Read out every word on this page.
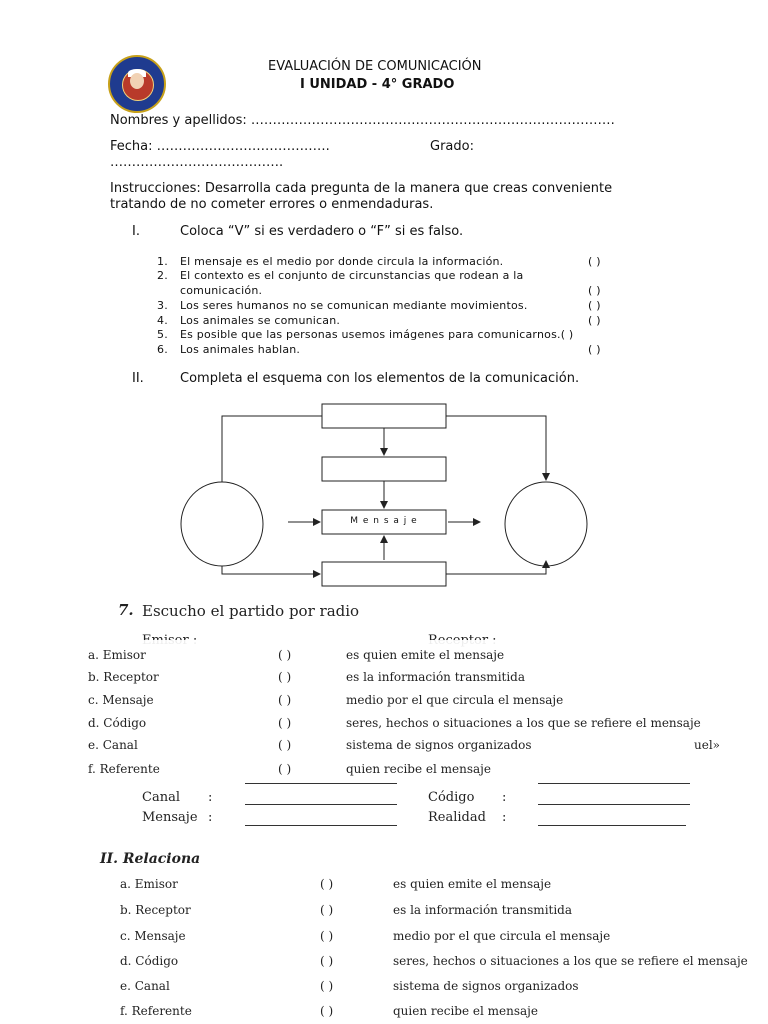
EVALUACIÓN DE COMUNICACIÓN
I UNIDAD - 4° GRADO
Nombres y apellidos: …………………………………………………………………………
Fecha: ………………………………….	Grado:
………………………………….
Instrucciones: Desarrolla cada pregunta de la manera que creas conveniente
tratando de no cometer errores o enmendaduras.
I.	Coloca “V” si es verdadero o “F” si es falso.
1. El mensaje es el medio por donde circula la información.	( )
2. El contexto es el conjunto de circunstancias que rodean a la
comunicación.	( )
3. Los seres humanos no se comunican mediante movimientos.	( )
4. Los animales se comunican.	( )
5. Es posible que las personas usemos imágenes para comunicarnos.( )
6. Los animales hablan.	( )
II.	Completa el esquema con los elementos de la comunicación.
M e n s a j e
7. Escucho el partido por radio
a. Emisor	( )	es quien emite el mensaje
b. Receptor	( )	es la información transmitida
c. Mensaje	( )	medio por el que circula el mensaje
d. Código	( )	seres, hechos o situaciones a los que se refiere el mensaje
e. Canal	( )	sistema de signos organizados	uel»
f. Referente	( )	quien recibe el mensaje
Canal :	Código :
Mensaje :	Realidad :
II. Relaciona
a. Emisor	( )	es quien emite el mensaje
b. Receptor	( )	es la información transmitida
c. Mensaje	( )	medio por el que circula el mensaje
d. Código	( )	seres, hechos o situaciones a los que se refiere el mensaje
e. Canal	( )	sistema de signos organizados
f. Referente	( )	quien recibe el mensaje
